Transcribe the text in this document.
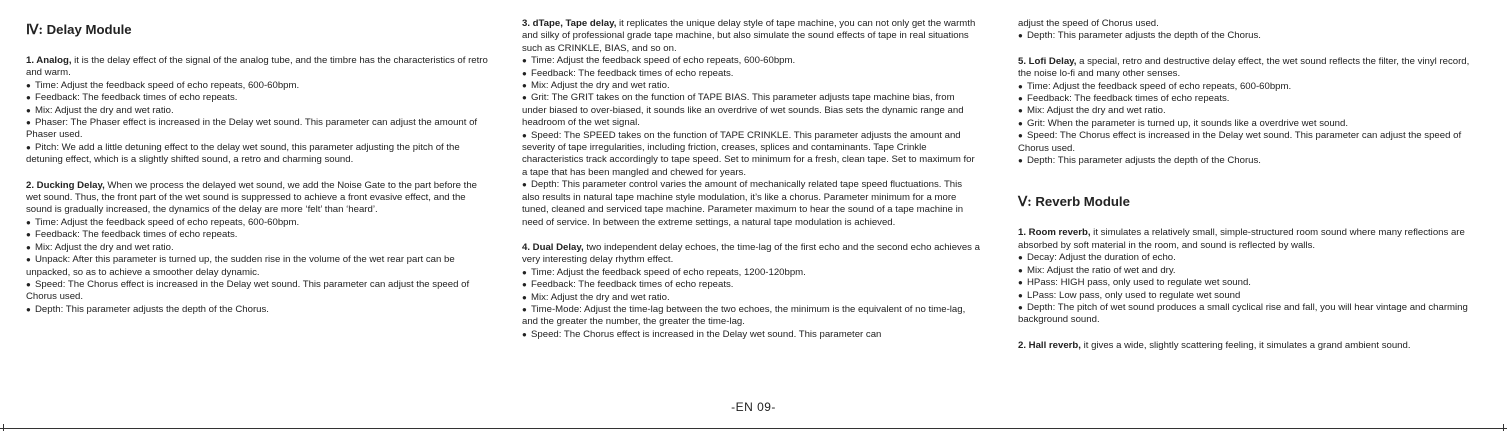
Ⅳ: Delay Module

1. Analog, it is the delay effect of the signal of the analog tube, and the timbre has the characteristics of retro and warm.

● Time: Adjust the feedback speed of echo repeats, 600-60bpm.
● Feedback: The feedback times of echo repeats.
● Mix: Adjust the dry and wet ratio.
● Phaser: The Phaser effect is increased in the Delay wet sound. This parameter can adjust the amount of Phaser used.
● Pitch: We add a little detuning effect to the delay wet sound, this parameter adjusting the pitch of the detuning effect, which is a slightly shifted sound, a retro and charming sound.

2. Ducking Delay, When we process the delayed wet sound, we add the Noise Gate to the part before the wet sound. Thus, the front part of the wet sound is suppressed to achieve a front evasive effect, and the sound is gradually increased, the dynamics of the delay are more ‘felt’ than ‘heard’.

● Time: Adjust the feedback speed of echo repeats, 600-60bpm.
● Feedback: The feedback times of echo repeats.
● Mix: Adjust the dry and wet ratio.
● Unpack: After this parameter is turned up, the sudden rise in the volume of the wet rear part can be unpacked, so as to achieve a smoother delay dynamic.
● Speed: The Chorus effect is increased in the Delay wet sound. This parameter can adjust the speed of Chorus used.
● Depth: This parameter adjusts the depth of the Chorus.

3. dTape, Tape delay, it replicates the unique delay style of tape machine, you can not only get the warmth and silky of professional grade tape machine, but also simulate the sound effects of tape in real situations such as CRINKLE, BIAS, and so on.

● Time: Adjust the feedback speed of echo repeats, 600-60bpm.
● Feedback: The feedback times of echo repeats.
● Mix: Adjust the dry and wet ratio.
● Grit: The GRIT takes on the function of TAPE BIAS. This parameter adjusts tape machine bias, from under biased to over-biased, it sounds like an overdrive of wet sounds. Bias sets the dynamic range and headroom of the wet signal.
● Speed: The SPEED takes on the function of TAPE CRINKLE. This parameter adjusts the amount and severity of tape irregularities, including friction, creases, splices and contaminants. Tape Crinkle characteristics track accordingly to tape speed. Set to minimum for a fresh, clean tape. Set to maximum for a tape that has been mangled and chewed for years.
● Depth: This parameter control varies the amount of mechanically related tape speed fluctuations. This also results in natural tape machine style modulation, it’s like a chorus. Parameter minimum for a more tuned, cleaned and serviced tape machine. Parameter maximum to hear the sound of a tape machine in need of service. In between the extreme settings, a natural tape modulation is achieved.

4. Dual Delay, two independent delay echoes, the time-lag of the first echo and the second echo achieves a very interesting delay rhythm effect.

● Time: Adjust the feedback speed of echo repeats, 1200-120bpm.
● Feedback: The feedback times of echo repeats.
● Mix: Adjust the dry and wet ratio.
● Time-Mode: Adjust the time-lag between the two echoes, the minimum is the equivalent of no time-lag, and the greater the number, the greater the time-lag.
● Speed: The Chorus effect is increased in the Delay wet sound. This parameter can

adjust the speed of Chorus used.

● Depth: This parameter adjusts the depth of the Chorus.

5. Lofi Delay, a special, retro and destructive delay effect, the wet sound reflects the filter, the vinyl record, the noise lo-fi and many other senses.

● Time: Adjust the feedback speed of echo repeats, 600-60bpm.
● Feedback: The feedback times of echo repeats.
● Mix: Adjust the dry and wet ratio.
● Grit: When the parameter is turned up, it sounds like a overdrive wet sound.
● Speed: The Chorus effect is increased in the Delay wet sound. This parameter can adjust the speed of Chorus used.
● Depth: This parameter adjusts the depth of the Chorus.
Ⅴ: Reverb Module

1. Room reverb, it simulates a relatively small, simple-structured room sound where many reflections are absorbed by soft material in the room, and sound is reflected by walls.

● Decay: Adjust the duration of echo.
● Mix: Adjust the ratio of wet and dry.
● HPass: HIGH pass, only used to regulate wet sound.
● LPass: Low pass, only used to regulate wet sound
● Depth: The pitch of wet sound produces a small cyclical rise and fall, you will hear vintage and charming background sound.

2. Hall reverb, it gives a wide, slightly scattering feeling, it simulates a grand ambient sound.

-EN 09-
